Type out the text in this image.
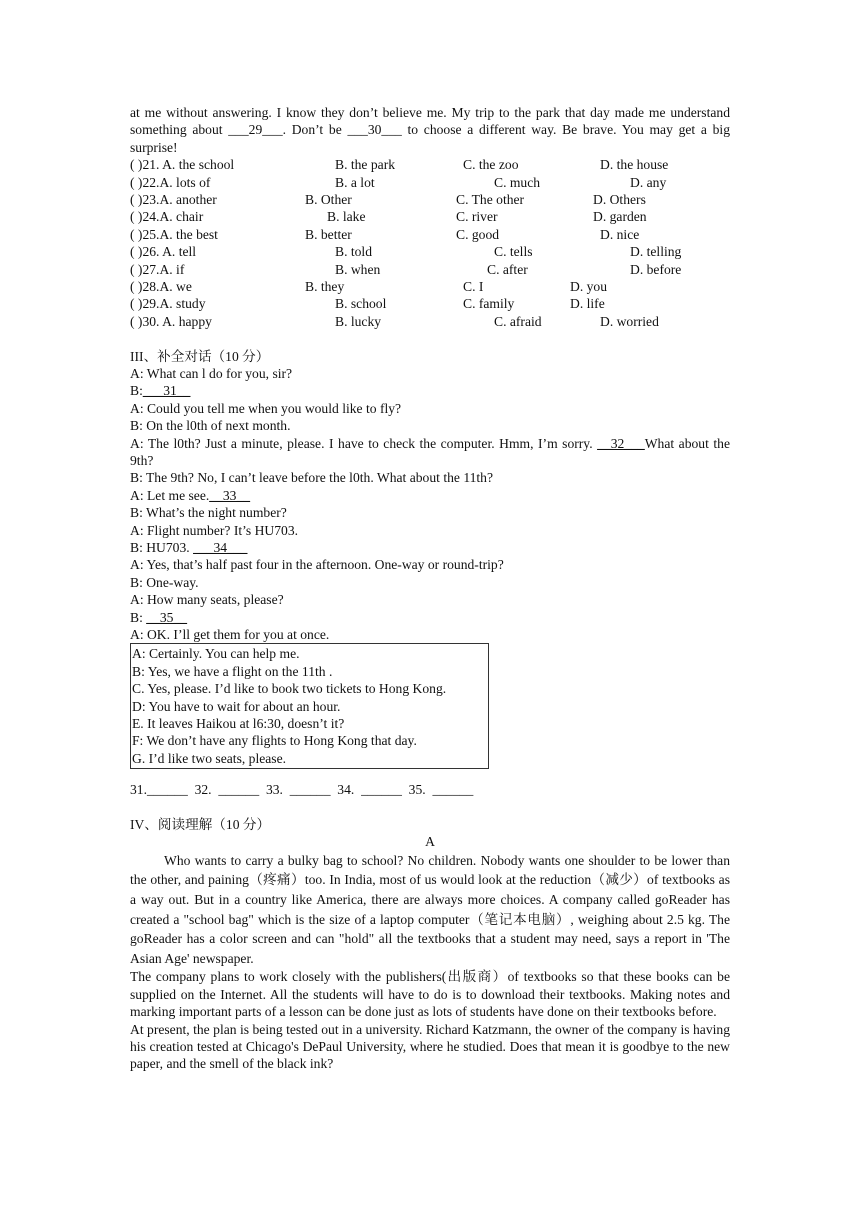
at me without answering. I know they don’t believe me. My trip to the park that day made me understand something about ___29___. Don’t be ___30___ to choose a different way. Be brave. You may get a big surprise!

( )21. A. the school	B. the park	C. the zoo	D. the house
( )22.A. lots of	B. a lot	C. much	D. any
( )23.A. another	B. Other	C. The other	D. Others
( )24.A. chair	B. lake	C. river	D. garden
( )25.A. the best	B. better	C. good	D. nice
( )26. A. tell	B. told	C. tells	D. telling
( )27.A. if	B. when	C. after	D. before
( )28.A. we	B. they	C. I	D. you
( )29.A. study	B. school	C. family	D. life
( )30. A. happy	B. lucky	C. afraid	D. worried

III、补全对话（10 分）

A: What can l do for you, sir?

B:___31__

A: Could you tell me when you would like to fly?

B: On the l0th of next month.

A: The l0th? Just a minute, please. I have to check the computer. Hmm, I’m sorry. __32___What about the 9th?

B: The 9th? No, I can’t leave before the l0th. What about the 11th?

A: Let me see.__33__

B: What’s the night number?

A: Flight number? It’s HU703.

B: HU703. ___34___

A: Yes, that’s half past four in the afternoon. One-way or round-trip?

B: One-way.

A: How many seats, please?

B: __35__

A: OK. I’ll get them for you at once.

A: Certainly. You can help me.

B: Yes, we have a flight on the 11th .

C. Yes, please. I’d like to book two tickets to Hong Kong.

D: You have to wait for about an hour.

E. It leaves Haikou at l6:30, doesn’t it?

F: We don’t have any flights to Hong Kong that day.

G. I’d like two seats, please.

31.______  32.  ______  33.  ______  34.  ______  35.  ______

IV、阅读理解（10 分）

A

Who wants to carry a bulky bag to school? No children. Nobody wants one shoulder to be lower than the other, and paining（疼痛）too. In India, most of us would look at the reduction（减少）of textbooks as a way out. But in a country like America, there are always more choices. A company called goReader has created a "school bag" which is the size of a laptop computer（笔记本电脑）, weighing about 2.5 kg. The goReader has a color screen and can "hold" all the textbooks that a student may need, says a report in 'The Asian Age' newspaper.

The company plans to work closely with the publishers(出版商）of textbooks so that these books can be supplied on the Internet. All the students will have to do is to download their textbooks. Making notes and marking important parts of a lesson can be done just as lots of students have done on their textbooks before.

At present, the plan is being tested out in a university. Richard Katzmann, the owner of the company is having his creation tested at Chicago's DePaul University, where he studied. Does that mean it is goodbye to the new paper, and the smell of the black ink?
